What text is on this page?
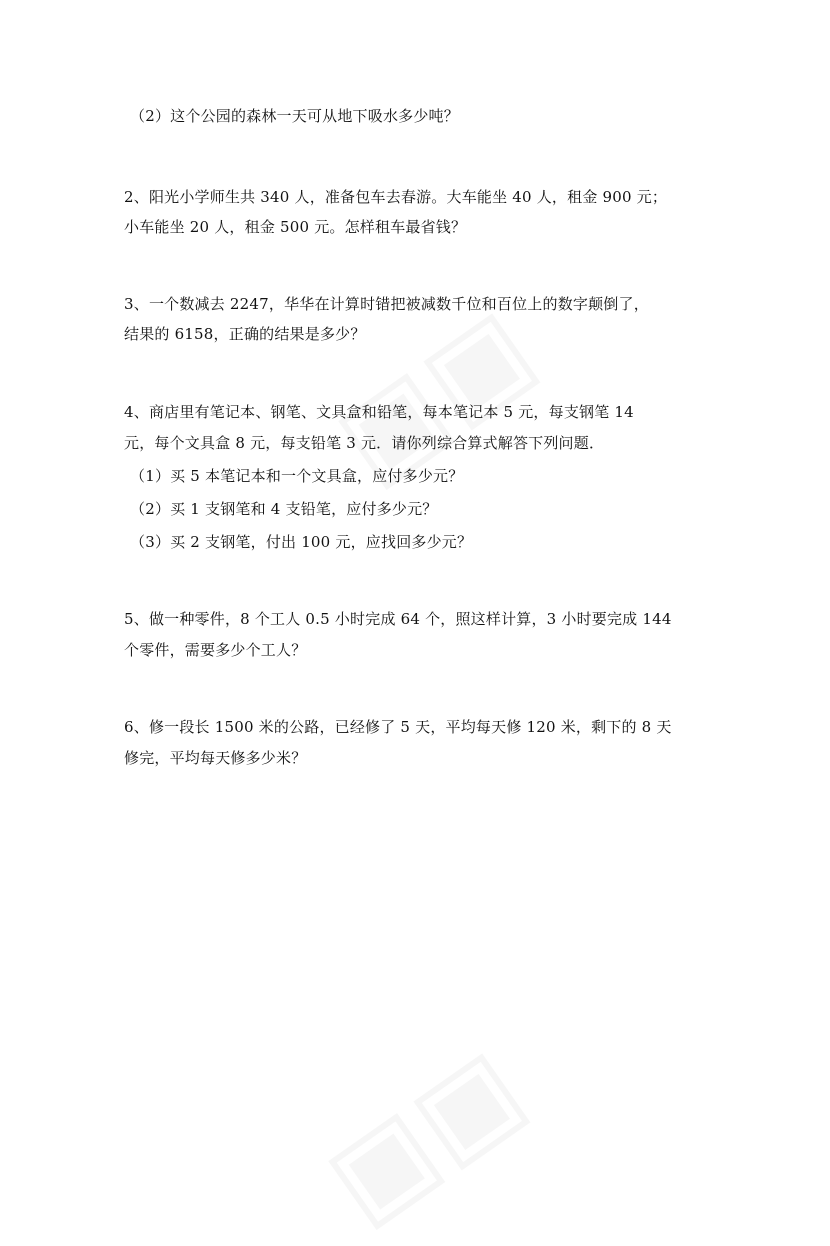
（2）这个公园的森林一天可从地下吸水多少吨？
2、阳光小学师生共 340 人，准备包车去春游。大车能坐 40 人，租金 900 元；
小车能坐 20 人，租金 500 元。怎样租车最省钱？
3、一个数减去 2247，华华在计算时错把被减数千位和百位上的数字颠倒了，
结果的 6158，正确的结果是多少？
4、商店里有笔记本、钢笔、文具盒和铅笔，每本笔记本 5 元，每支钢笔 14
元，每个文具盒 8 元，每支铅笔 3 元．请你列综合算式解答下列问题．
（1）买 5 本笔记本和一个文具盒，应付多少元？
（2）买 1 支钢笔和 4 支铅笔，应付多少元？
（3）买 2 支钢笔，付出 100 元，应找回多少元？
5、做一种零件，8 个工人 0.5 小时完成 64 个，照这样计算，3 小时要完成 144
个零件，需要多少个工人？
6、修一段长 1500 米的公路，已经修了 5 天，平均每天修 120 米，剩下的 8 天
修完，平均每天修多少米？
